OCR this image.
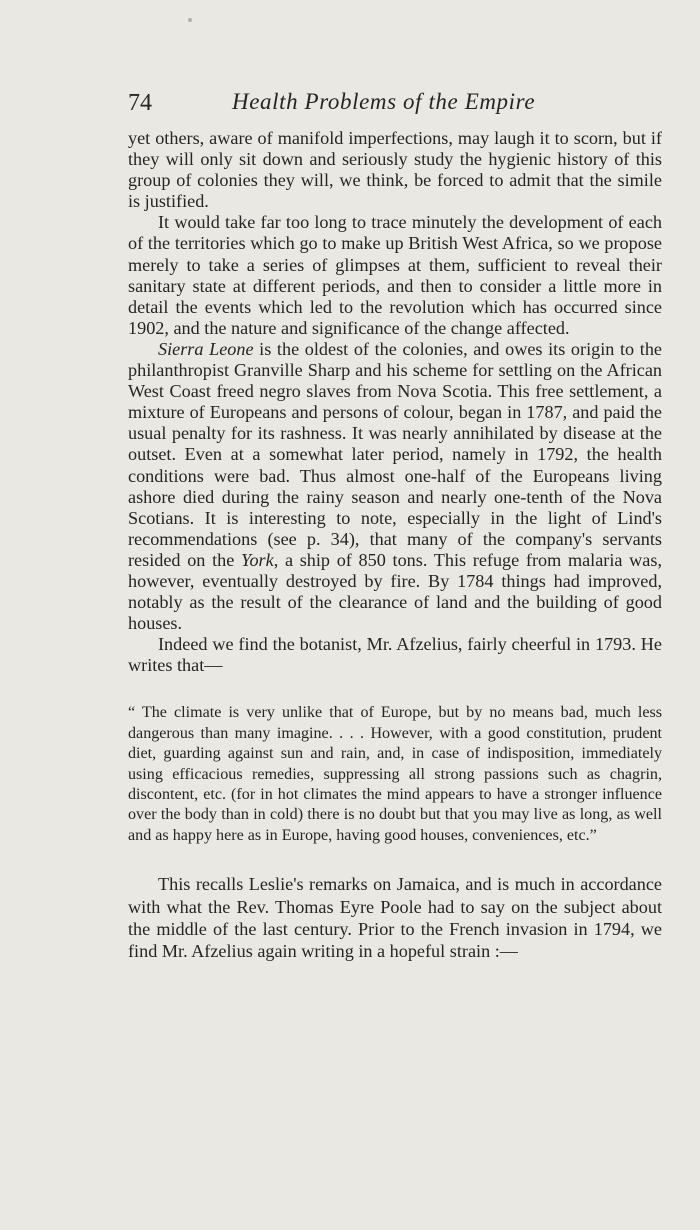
74	Health Problems of the Empire

yet others, aware of manifold imperfections, may laugh it to scorn, but if they will only sit down and seriously study the hygienic history of this group of colonies they will, we think, be forced to admit that the simile is justified.

It would take far too long to trace minutely the development of each of the territories which go to make up British West Africa, so we propose merely to take a series of glimpses at them, sufficient to reveal their sanitary state at different periods, and then to consider a little more in detail the events which led to the revolution which has occurred since 1902, and the nature and significance of the change affected.

Sierra Leone is the oldest of the colonies, and owes its origin to the philanthropist Granville Sharp and his scheme for settling on the African West Coast freed negro slaves from Nova Scotia. This free settlement, a mixture of Europeans and persons of colour, began in 1787, and paid the usual penalty for its rashness. It was nearly annihilated by disease at the outset. Even at a somewhat later period, namely in 1792, the health conditions were bad. Thus almost one-half of the Europeans living ashore died during the rainy season and nearly one-tenth of the Nova Scotians. It is interesting to note, especially in the light of Lind's recommendations (see p. 34), that many of the company's servants resided on the York, a ship of 850 tons. This refuge from malaria was, however, eventually destroyed by fire. By 1784 things had improved, notably as the result of the clearance of land and the building of good houses.

Indeed we find the botanist, Mr. Afzelius, fairly cheerful in 1793. He writes that—

“ The climate is very unlike that of Europe, but by no means bad, much less dangerous than many imagine. . . . However, with a good constitution, prudent diet, guarding against sun and rain, and, in case of indisposition, immediately using efficacious remedies, suppressing all strong passions such as chagrin, discontent, etc. (for in hot climates the mind appears to have a stronger influence over the body than in cold) there is no doubt but that you may live as long, as well and as happy here as in Europe, having good houses, conveniences, etc.”

This recalls Leslie's remarks on Jamaica, and is much in accordance with what the Rev. Thomas Eyre Poole had to say on the subject about the middle of the last century. Prior to the French invasion in 1794, we find Mr. Afzelius again writing in a hopeful strain :—
